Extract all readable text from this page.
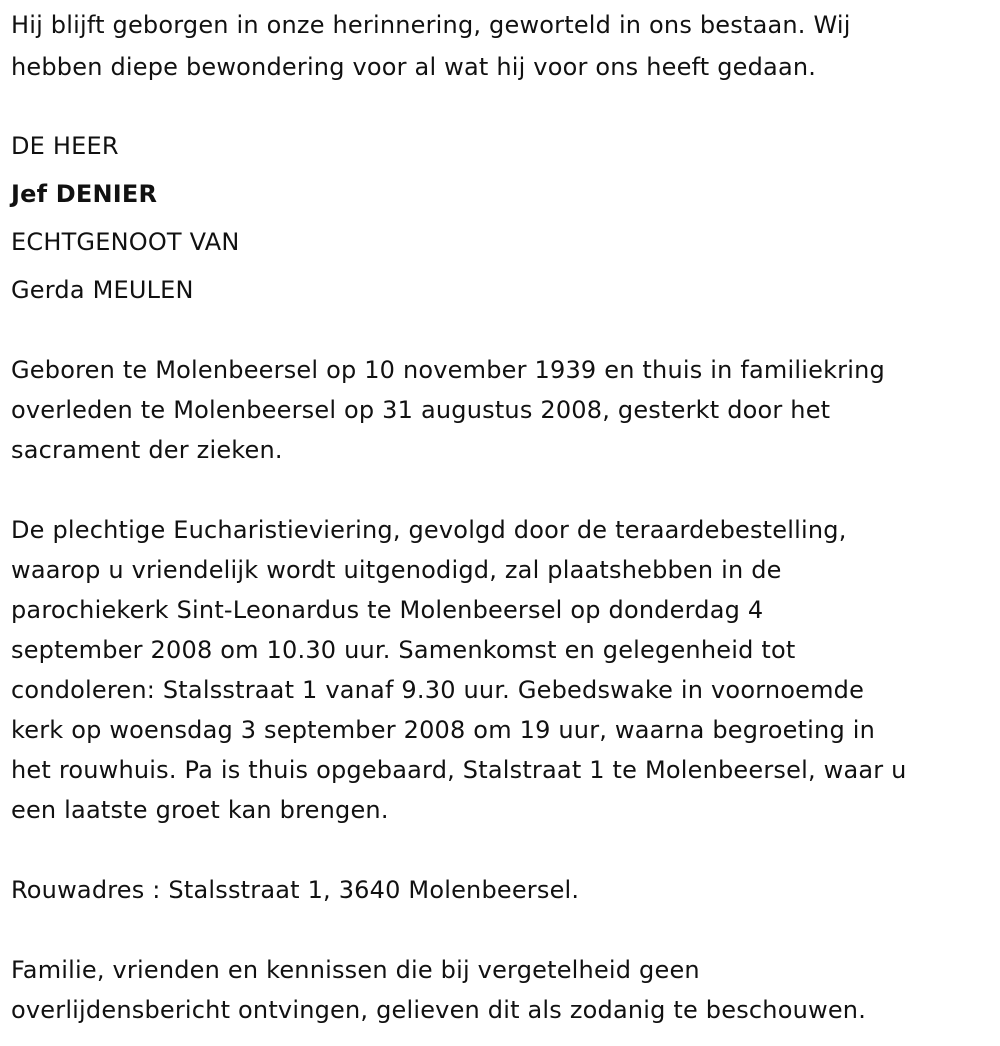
Hij blijft geborgen in onze herinnering, geworteld in ons bestaan. Wij
hebben diepe bewondering voor al wat hij voor ons heeft gedaan.
DE HEER
Jef DENIER
ECHTGENOOT VAN
Gerda MEULEN
Geboren te Molenbeersel op 10 november 1939 en thuis in familiekring
overleden te Molenbeersel op 31 augustus 2008, gesterkt door het
sacrament der zieken.
De plechtige Eucharistieviering, gevolgd door de teraardebestelling,
waarop u vriendelijk wordt uitgenodigd, zal plaatshebben in de
parochiekerk Sint-Leonardus te Molenbeersel op donderdag 4
september 2008 om 10.30 uur. Samenkomst en gelegenheid tot
condoleren: Stalsstraat 1 vanaf 9.30 uur. Gebedswake in voornoemde
kerk op woensdag 3 september 2008 om 19 uur, waarna begroeting in
het rouwhuis. Pa is thuis opgebaard, Stalstraat 1 te Molenbeersel, waar u
een laatste groet kan brengen.
Rouwadres : Stalsstraat 1, 3640 Molenbeersel.
Familie, vrienden en kennissen die bij vergetelheid geen
overlijdensbericht ontvingen, gelieven dit als zodanig te beschouwen.
